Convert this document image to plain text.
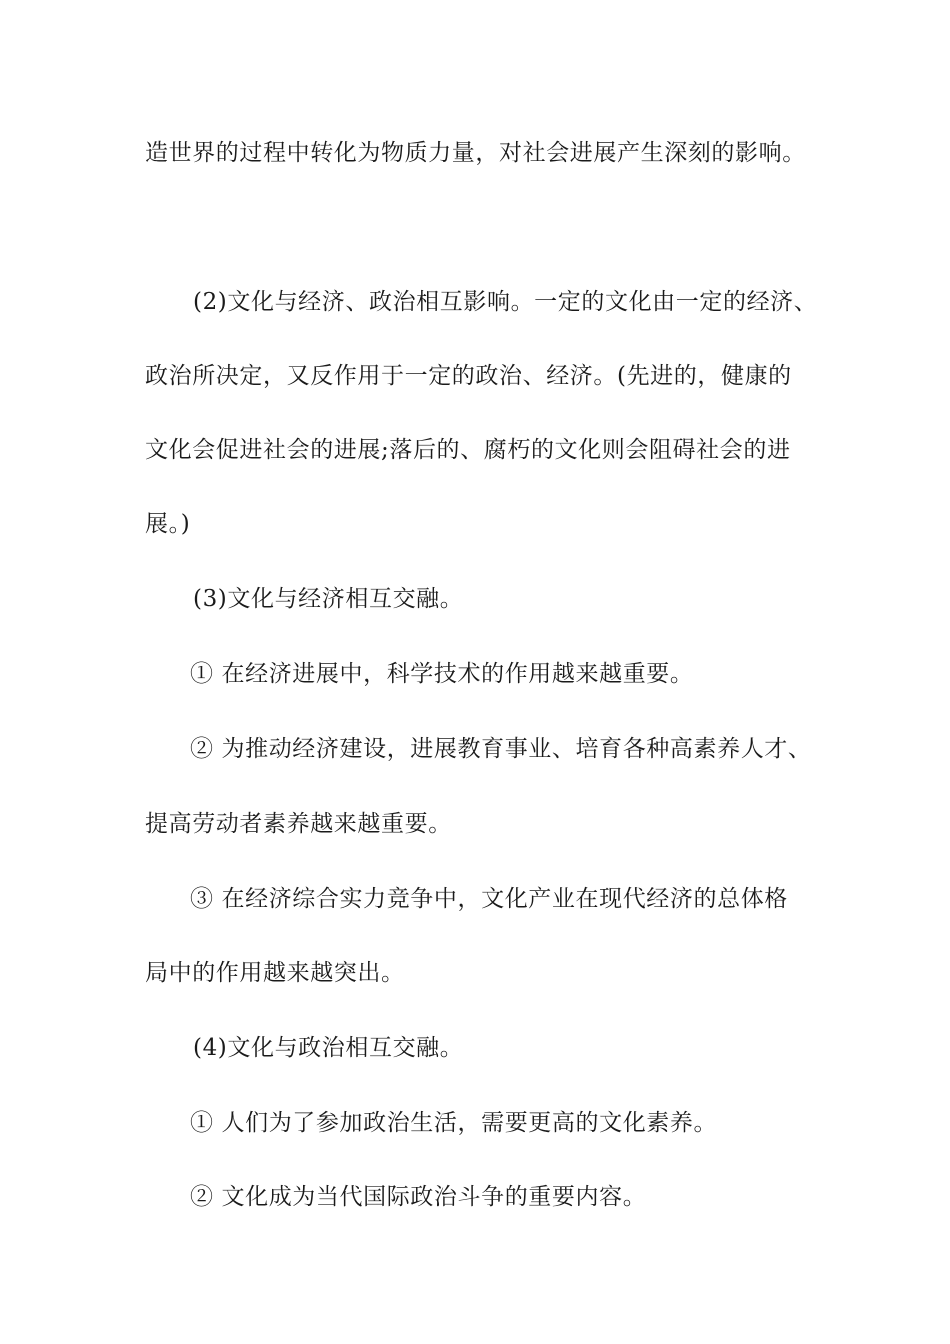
造世界的过程中转化为物质力量，对社会进展产生深刻的影响。
(2)文化与经济、政治相互影响。一定的文化由一定的经济、
政治所决定，又反作用于一定的政治、经济。(先进的，健康的
文化会促进社会的进展;落后的、腐朽的文化则会阻碍社会的进
展。)
(3)文化与经济相互交融。
① 在经济进展中，科学技术的作用越来越重要。
② 为推动经济建设，进展教育事业、培育各种高素养人才、
提高劳动者素养越来越重要。
③ 在经济综合实力竞争中，文化产业在现代经济的总体格
局中的作用越来越突出。
(4)文化与政治相互交融。
① 人们为了参加政治生活，需要更高的文化素养。
② 文化成为当代国际政治斗争的重要内容。
